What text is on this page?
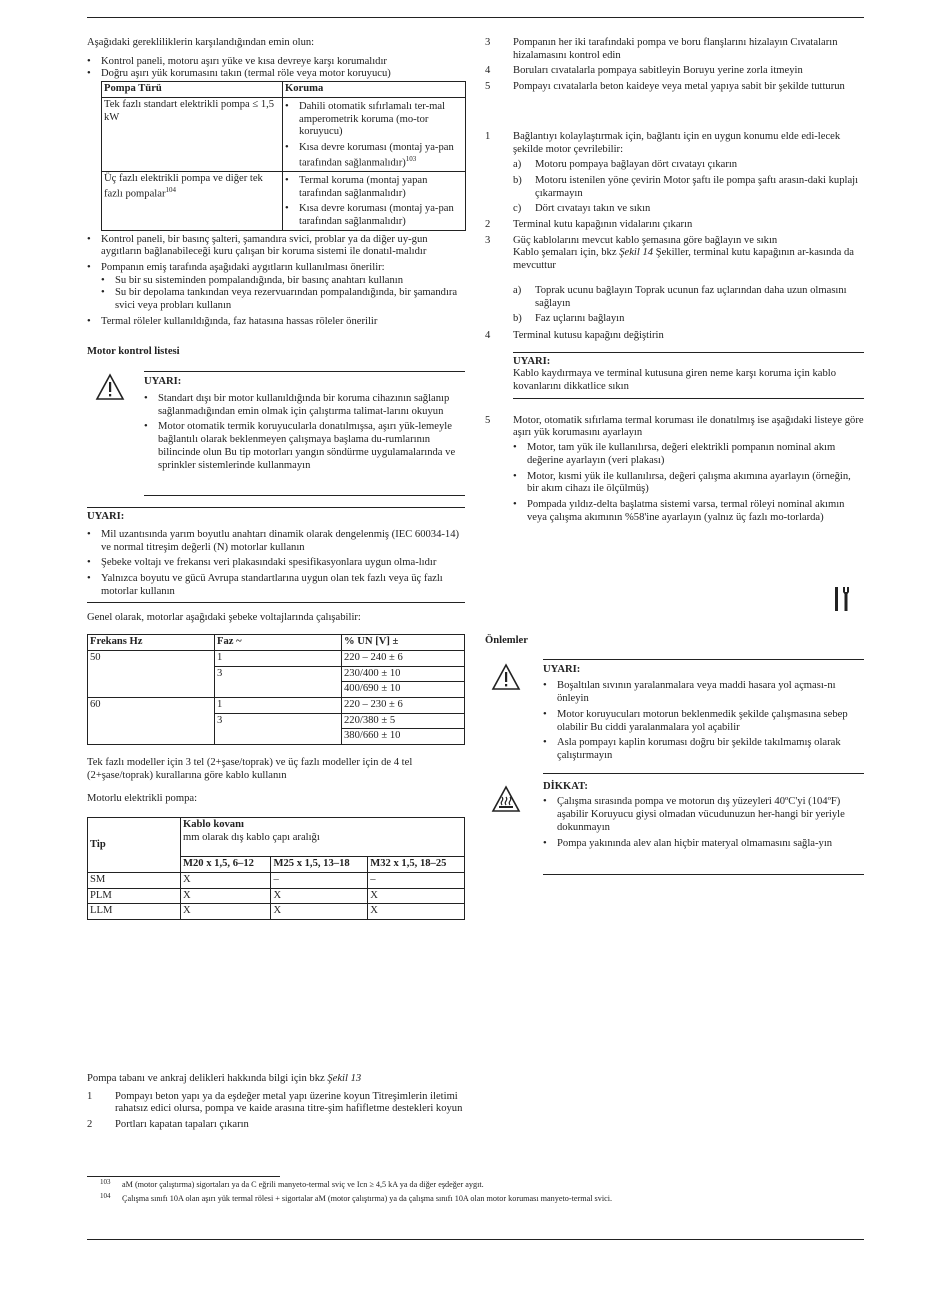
Aşağıdaki gerekliliklerin karşılandığından emin olun:

• Kontrol paneli, motoru aşırı yüke ve kısa devreye karşı korumalıdır

• Doğru aşırı yük korumasını takın (termal röle veya motor koruyucu)

Pompa Türü	Koruma
Tek fazlı standart elektrikli pompa ≤ 1,5 kW	• Dahili otomatik sıfırlamalı ter-mal amperometrik koruma (mo-tor koruyucu)

• Kısa devre koruması (montaj ya-pan tarafından sağlanmalıdır)$^{103}$

Üç fazlı elektrikli pompa ve diğer tek fazlı pompalar$^{104}$	• Termal koruma (montaj yapan tarafından sağlanmalıdır)

• Kısa devre koruması (montaj ya-pan tarafından sağlanmalıdır)

• Kontrol paneli, bir basınç şalteri, şamandıra svici, problar ya da diğer uy-gun aygıtların bağlanabileceği kuru çalışan bir koruma sistemi ile donatıl-malıdır

• Pompanın emiş tarafında aşağıdaki aygıtların kullanılması önerilir:

• Su bir su sisteminden pompalandığında, bir basınç anahtarı kullanın

• Su bir depolama tankından veya rezervuarından pompalandığında, bir şamandıra svici veya probları kullanın

• Termal röleler kullanıldığında, faz hatasına hassas röleler önerilir

Motor kontrol listesi

UYARI:

• Standart dışı bir motor kullanıldığında bir koruma cihazının sağlanıp sağlanmadığından emin olmak için çalıştırma talimat-larını okuyun

• Motor otomatik termik koruyucularla donatılmışsa, aşırı yük-lemeyle bağlantılı olarak beklenmeyen çalışmaya başlama du-rumlarının bilincinde olun Bu tip motorları yangın söndürme uygulamalarında ve sprinkler sistemlerinde kullanmayın

UYARI:

• Mil uzantısında yarım boyutlu anahtarı dinamik olarak dengelenmiş (IEC 60034-14) ve normal titreşim değerli (N) motorlar kullanın

• Şebeke voltajı ve frekansı veri plakasındaki spesifikasyonlara uygun olma-lıdır

• Yalnızca boyutu ve gücü Avrupa standartlarına uygun olan tek fazlı veya üç fazlı motorlar kullanın

Genel olarak, motorlar aşağıdaki şebeke voltajlarında çalışabilir:

Frekans Hz	Faz ~	% UN [V] ±
50	1	220 – 240 ± 6
	3	230/400 ± 10
		400/690 ± 10
60	1	220 – 230 ± 6
	3	220/380 ± 5
		380/660 ± 10

Tek fazlı modeller için 3 tel (2+şase/toprak) ve üç fazlı modeller için de 4 tel (2+şase/toprak) kurallarına göre kablo kullanın

Motorlu elektrikli pompa:

Tip	Kablo kovanı
mm olarak dış kablo çapı aralığı		
	M20 x 1,5, 6–12	M25 x 1,5, 13–18	M32 x 1,5, 18–25
SM	X	–	–
PLM	X	X	X
LLM	X	X	X

Pompa tabanı ve ankraj delikleri hakkında bilgi için bkz Şekil 13

1 Pompayı beton yapı ya da eşdeğer metal yapı üzerine koyun Titreşimlerin iletimi rahatsız edici olursa, pompa ve kaide arasına titre-şim hafifletme destekleri koyun

2 Portları kapatan tapaları çıkarın

3 Pompanın her iki tarafındaki pompa ve boru flanşlarını hizalayın Cıvataların hizalamasını kontrol edin

4 Boruları cıvatalarla pompaya sabitleyin Boruyu yerine zorla itmeyin

5 Pompayı cıvatalarla beton kaideye veya metal yapıya sabit bir şekilde tutturun

1 Bağlantıyı kolaylaştırmak için, bağlantı için en uygun konumu elde edi-lecek şekilde motor çevrilebilir:

a) Motoru pompaya bağlayan dört cıvatayı çıkarın

b) Motoru istenilen yöne çevirin Motor şaftı ile pompa şaftı arasın-daki kuplajı çıkarmayın

c) Dört cıvatayı takın ve sıkın

2 Terminal kutu kapağının vidalarını çıkarın

3 Güç kablolarını mevcut kablo şemasına göre bağlayın ve sıkın
Kablo şemaları için, bkz Şekil 14 Şekiller, terminal kutu kapağının ar-kasında da mevcuttur

a) Toprak ucunu bağlayın Toprak ucunun faz uçlarından daha uzun olmasını sağlayın

b) Faz uçlarını bağlayın

4 Terminal kutusu kapağını değiştirin

UYARI:

Kablo kaydırmaya ve terminal kutusuna giren neme karşı koruma için kablo kovanlarını dikkatlice sıkın

5 Motor, otomatik sıfırlama termal koruması ile donatılmış ise aşağıdaki listeye göre aşırı yük korumasını ayarlayın

• Motor, tam yük ile kullanılırsa, değeri elektrikli pompanın nominal akım değerine ayarlayın (veri plakası)

• Motor, kısmi yük ile kullanılırsa, değeri çalışma akımına ayarlayın (örneğin, bir akım cihazı ile ölçülmüş)

• Pompada yıldız-delta başlatma sistemi varsa, termal röleyi nominal akımın veya çalışma akımının %58'ine ayarlayın (yalnız üç fazlı mo-torlarda)

Önlemler

UYARI:

• Boşaltılan sıvının yaralanmalara veya maddi hasara yol açması-nı önleyin

• Motor koruyucuları motorun beklenmedik şekilde çalışmasına sebep olabilir Bu ciddi yaralanmalara yol açabilir

• Asla pompayı kaplin koruması doğru bir şekilde takılmamış olarak çalıştırmayın

DİKKAT:

• Çalışma sırasında pompa ve motorun dış yüzeyleri 40ºC'yi (104ºF) aşabilir Koruyucu giysi olmadan vücudunuzun her-hangi bir yeriyle dokunmayın

• Pompa yakınında alev alan hiçbir materyal olmamasını sağla-yın

103 aM (motor çalıştırma) sigortaları ya da C eğrili manyeto-termal sviç ve Icn ≥ 4,5 kA ya da diğer eşdeğer aygıt.

104 Çalışma sınıfı 10A olan aşırı yük termal rölesi + sigortalar aM (motor çalıştırma) ya da çalışma sınıfı 10A olan motor koruması manyeto-termal svici.
